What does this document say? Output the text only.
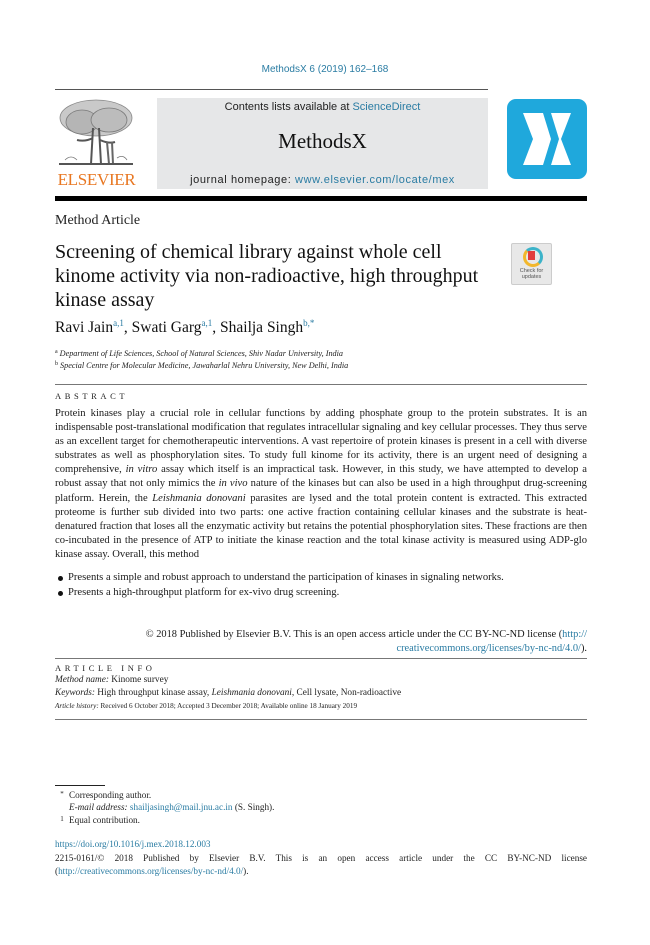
MethodsX 6 (2019) 162–168
ELSEVIER
Contents lists available at ScienceDirect
MethodsX
journal homepage: www.elsevier.com/locate/mex
Method Article
Screening of chemical library against whole cell kinome activity via non-radioactive, high throughput kinase assay
Check for
updates
Ravi Jain$^{a,1}$, Swati Garg$^{a,1}$, Shailja Singh$^{b,*}$
$^a$ Department of Life Sciences, School of Natural Sciences, Shiv Nadar University, India
$^b$ Special Centre for Molecular Medicine, Jawaharlal Nehru University, New Delhi, India
ABSTRACT
Protein kinases play a crucial role in cellular functions by adding phosphate group to the protein substrates. It is an indispensable post-translational modification that regulates intracellular signaling and key cellular processes. They thus serve as an excellent target for chemotherapeutic interventions. A vast repertoire of protein kinases is present in a cell with diverse substrates as well as phosphorylation sites. To study full kinome for its activity, there is an urgent need of designing a comprehensive, in vitro assay which itself is an impractical task. However, in this study, we have attempted to develop a robust assay that not only mimics the in vivo nature of the kinases but can also be used in a high throughput drug-screening platform. Herein, the Leishmania donovani parasites are lysed and the total protein content is extracted. This extracted proteome is further sub divided into two parts: one active fraction containing cellular kinases and the substrate is heat-denatured fraction that loses all the enzymatic activity but retains the potential phosphorylation sites. These fractions are then co-incubated in the presence of ATP to initiate the kinase reaction and the total kinase activity is measured using ADP-glo kinase assay. Overall, this method
Presents a simple and robust approach to understand the participation of kinases in signaling networks.
Presents a high-throughput platform for ex-vivo drug screening.
© 2018 Published by Elsevier B.V. This is an open access article under the CC BY-NC-ND license (http://
creativecommons.org/licenses/by-nc-nd/4.0/).
ARTICLE INFO
Method name: Kinome survey
Keywords: High throughput kinase assay, Leishmania donovani, Cell lysate, Non-radioactive
Article history: Received 6 October 2018; Accepted 3 December 2018; Available online 18 January 2019
* Corresponding author.
E-mail address: shailjasingh@mail.jnu.ac.in (S. Singh).
1 Equal contribution.
https://doi.org/10.1016/j.mex.2018.12.003
2215-0161/© 2018 Published by Elsevier B.V. This is an open access article under the CC BY-NC-ND license (http://creativecommons.org/licenses/by-nc-nd/4.0/).
